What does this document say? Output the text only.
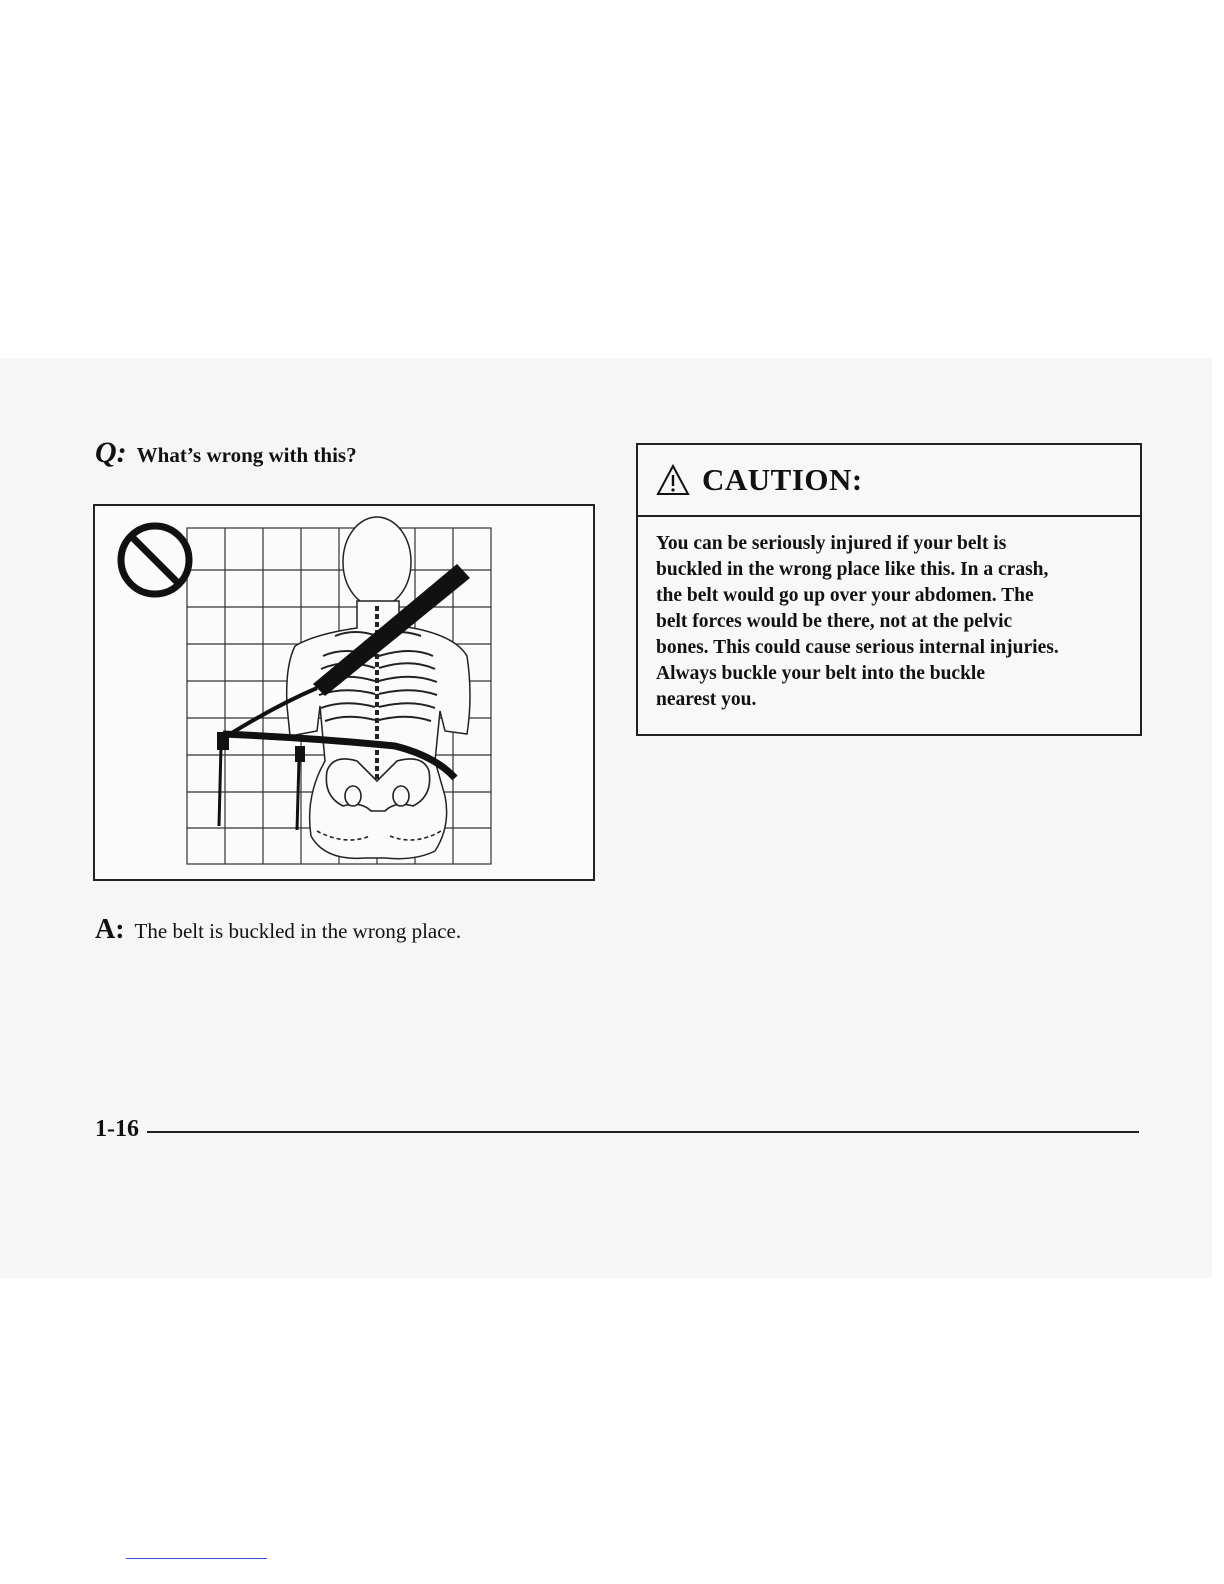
Q: What’s wrong with this?
A: The belt is buckled in the wrong place.
CAUTION:
You can be seriously injured if your belt is
buckled in the wrong place like this. In a crash,
the belt would go up over your abdomen. The
belt forces would be there, not at the pelvic
bones. This could cause serious internal injuries.
Always buckle your belt into the buckle
nearest you.
1-16
